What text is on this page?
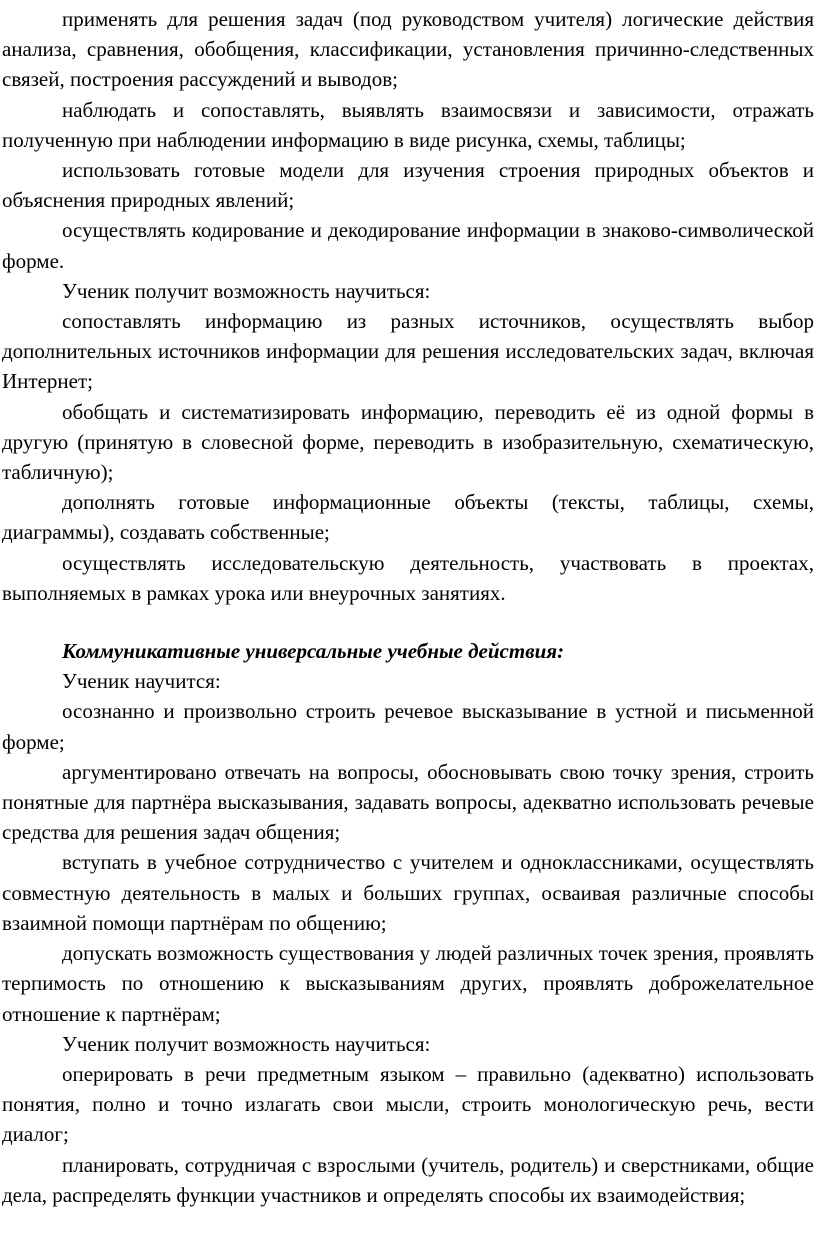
применять для решения задач (под руководством учителя) логические действия анализа, сравнения, обобщения, классификации, установления причинно-следственных связей, построения рассуждений и выводов;

наблюдать и сопоставлять, выявлять взаимосвязи и зависимости, отражать полученную при наблюдении информацию в виде рисунка, схемы, таблицы;

использовать готовые модели для изучения строения природных объектов и объяснения природных явлений;

осуществлять кодирование и декодирование информации в знаково-символической форме.

Ученик получит возможность научиться:

сопоставлять информацию из разных источников, осуществлять выбор дополнительных источников информации для решения исследовательских задач, включая Интернет;

обобщать и систематизировать информацию, переводить её из одной формы в другую (принятую в словесной форме, переводить в изобразительную, схематическую, табличную);

дополнять готовые информационные объекты (тексты, таблицы, схемы, диаграммы), создавать собственные;

осуществлять исследовательскую деятельность, участвовать в проектах, выполняемых в рамках урока или внеурочных занятиях.

Коммуникативные универсальные учебные действия:

Ученик научится:

осознанно и произвольно строить речевое высказывание в устной и письменной форме;

аргументировано отвечать на вопросы, обосновывать свою точку зрения, строить понятные для партнёра высказывания, задавать вопросы, адекватно использовать речевые средства для решения задач общения;

вступать в учебное сотрудничество с учителем и одноклассниками, осуществлять совместную деятельность в малых и больших группах, осваивая различные способы взаимной помощи партнёрам по общению;

допускать возможность существования у людей различных точек зрения, проявлять терпимость по отношению к высказываниям других, проявлять доброжелательное отношение к партнёрам;

Ученик получит возможность научиться:

оперировать в речи предметным языком – правильно (адекватно) использовать понятия, полно и точно излагать свои мысли, строить монологическую речь, вести диалог;

планировать, сотрудничая с взрослыми (учитель, родитель) и сверстниками, общие дела, распределять функции участников и определять способы их взаимодействия;
